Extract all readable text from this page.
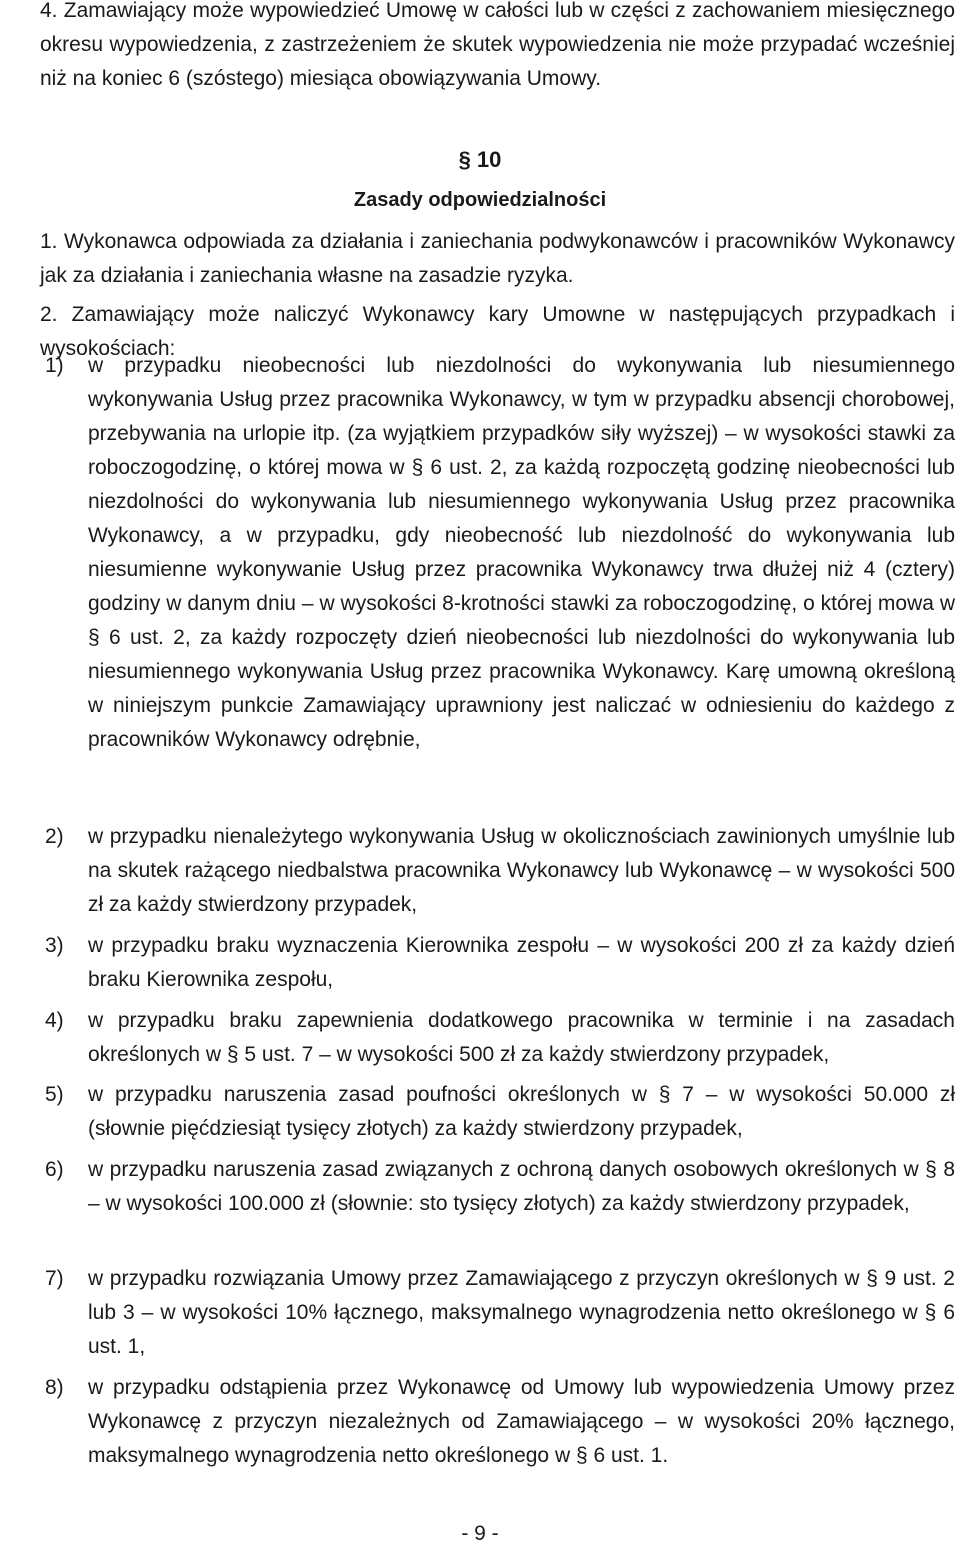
4. Zamawiający może wypowiedzieć Umowę w całości lub w części z zachowaniem miesięcznego okresu wypowiedzenia, z zastrzeżeniem że skutek wypowiedzenia nie może przypadać wcześniej niż na koniec 6 (szóstego) miesiąca obowiązywania Umowy.

§ 10

Zasady odpowiedzialności

1. Wykonawca odpowiada za działania i zaniechania podwykonawców i pracowników Wykonawcy jak za działania i zaniechania własne na zasadzie ryzyka.

2. Zamawiający może naliczyć Wykonawcy kary Umowne w następujących przypadkach i wysokościach:

1) w przypadku nieobecności lub niezdolności do wykonywania lub niesumiennego wykonywania Usług przez pracownika Wykonawcy, w tym w przypadku absencji chorobowej, przebywania na urlopie itp. (za wyjątkiem przypadków siły wyższej) – w wysokości stawki za roboczogodzinę, o której mowa w § 6 ust. 2, za każdą rozpoczętą godzinę nieobecności lub niezdolności do wykonywania lub niesumiennego wykonywania Usług przez pracownika Wykonawcy, a w przypadku, gdy nieobecność lub niezdolność do wykonywania lub niesumienne wykonywanie Usług przez pracownika Wykonawcy trwa dłużej niż 4 (cztery) godziny w danym dniu – w wysokości 8-krotności stawki za roboczogodzinę, o której mowa w § 6 ust. 2, za każdy rozpoczęty dzień nieobecności lub niezdolności do wykonywania lub niesumiennego wykonywania Usług przez pracownika Wykonawcy. Karę umowną określoną w niniejszym punkcie Zamawiający uprawniony jest naliczać w odniesieniu do każdego z pracowników Wykonawcy odrębnie,

2) w przypadku nienależytego wykonywania Usług w okolicznościach zawinionych umyślnie lub na skutek rażącego niedbalstwa pracownika Wykonawcy lub Wykonawcę – w wysokości 500 zł za każdy stwierdzony przypadek,

3) w przypadku braku wyznaczenia Kierownika zespołu – w wysokości 200 zł za każdy dzień braku Kierownika zespołu,

4) w przypadku braku zapewnienia dodatkowego pracownika w terminie i na zasadach określonych w § 5 ust. 7 – w wysokości 500 zł za każdy stwierdzony przypadek,

5) w przypadku naruszenia zasad poufności określonych w § 7 – w wysokości 50.000 zł (słownie pięćdziesiąt tysięcy złotych) za każdy stwierdzony przypadek,

6) w przypadku naruszenia zasad związanych z ochroną danych osobowych określonych w § 8 – w wysokości 100.000 zł (słownie: sto tysięcy złotych) za każdy stwierdzony przypadek,

7) w przypadku rozwiązania Umowy przez Zamawiającego z przyczyn określonych w § 9 ust. 2 lub 3 – w wysokości 10% łącznego, maksymalnego wynagrodzenia netto określonego w § 6 ust. 1,

8) w przypadku odstąpienia przez Wykonawcę od Umowy lub wypowiedzenia Umowy przez Wykonawcę z przyczyn niezależnych od Zamawiającego – w wysokości 20% łącznego, maksymalnego wynagrodzenia netto określonego w § 6 ust. 1.

- 9 -
